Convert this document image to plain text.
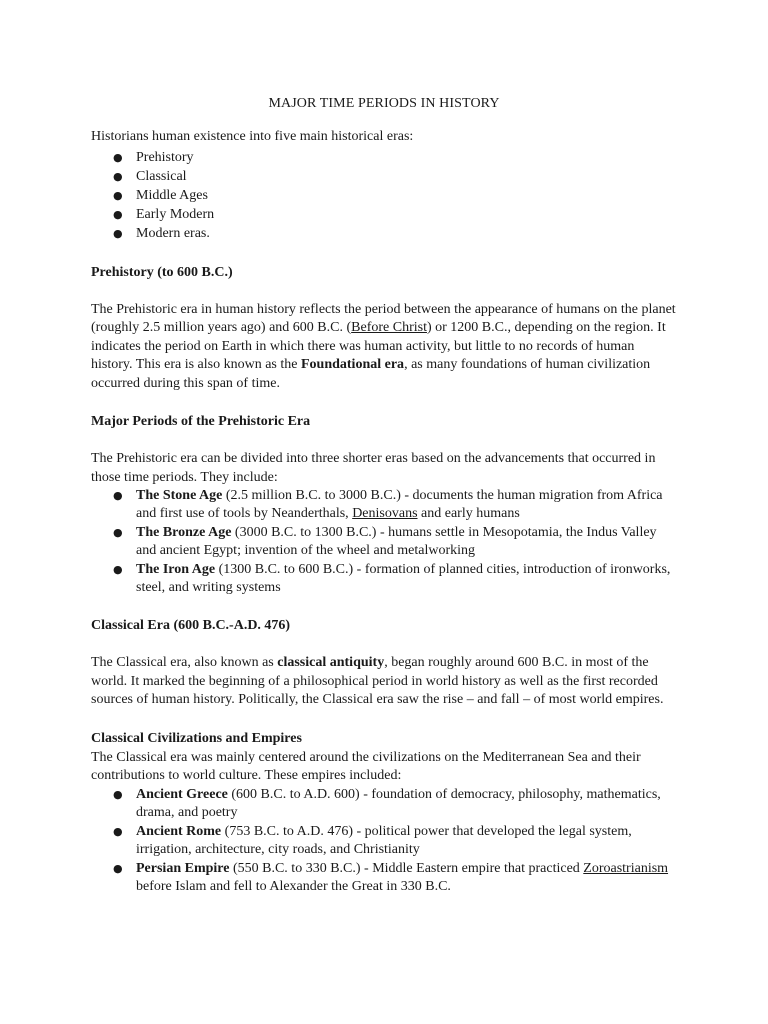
MAJOR TIME PERIODS IN HISTORY

Historians human existence into five main historical eras:

● Prehistory
● Classical
● Middle Ages
● Early Modern
● Modern eras.
Prehistory (to 600 B.C.)

The Prehistoric era in human history reflects the period between the appearance of humans on the planet (roughly 2.5 million years ago) and 600 B.C. (Before Christ) or 1200 B.C., depending on the region. It indicates the period on Earth in which there was human activity, but little to no records of human history. This era is also known as the Foundational era, as many foundations of human civilization occurred during this span of time.

Major Periods of the Prehistoric Era

The Prehistoric era can be divided into three shorter eras based on the advancements that occurred in those time periods. They include:

● The Stone Age (2.5 million B.C. to 3000 B.C.) - documents the human migration from Africa and first use of tools by Neanderthals, Denisovans and early humans
● The Bronze Age (3000 B.C. to 1300 B.C.) - humans settle in Mesopotamia, the Indus Valley and ancient Egypt; invention of the wheel and metalworking
● The Iron Age (1300 B.C. to 600 B.C.) - formation of planned cities, introduction of ironworks, steel, and writing systems
Classical Era (600 B.C.-A.D. 476)

The Classical era, also known as classical antiquity, began roughly around 600 B.C. in most of the world. It marked the beginning of a philosophical period in world history as well as the first recorded sources of human history. Politically, the Classical era saw the rise – and fall – of most world empires.

Classical Civilizations and Empires

The Classical era was mainly centered around the civilizations on the Mediterranean Sea and their contributions to world culture. These empires included:

● Ancient Greece (600 B.C. to A.D. 600) - foundation of democracy, philosophy, mathematics, drama, and poetry
● Ancient Rome (753 B.C. to A.D. 476) - political power that developed the legal system, irrigation, architecture, city roads, and Christianity
● Persian Empire (550 B.C. to 330 B.C.) - Middle Eastern empire that practiced Zoroastrianism before Islam and fell to Alexander the Great in 330 B.C.
